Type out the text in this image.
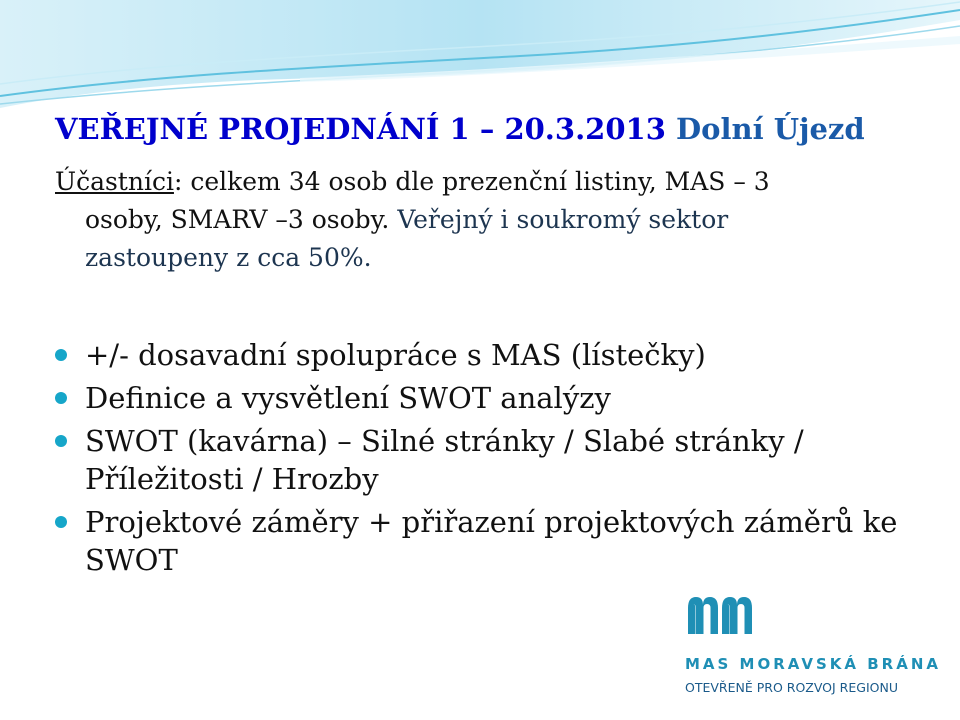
VEŘEJNÉ PROJEDNÁNÍ 1 – 20.3.2013 Dolní Újezd
Účastníci: celkem 34 osob dle prezenční listiny, MAS – 3
osoby, SMARV –3 osoby. Veřejný i soukromý sektor
zastoupeny z cca 50%.
+/- dosavadní spolupráce s MAS (lístečky)
Definice a vysvětlení SWOT analýzy
SWOT (kavárna) – Silné stránky / Slabé stránky / Příležitosti / Hrozby
Projektové záměry + přiřazení projektových záměrů ke SWOT
MAS MORAVSKÁ BRÁNA
OTEVŘENĚ PRO ROZVOJ REGIONU
